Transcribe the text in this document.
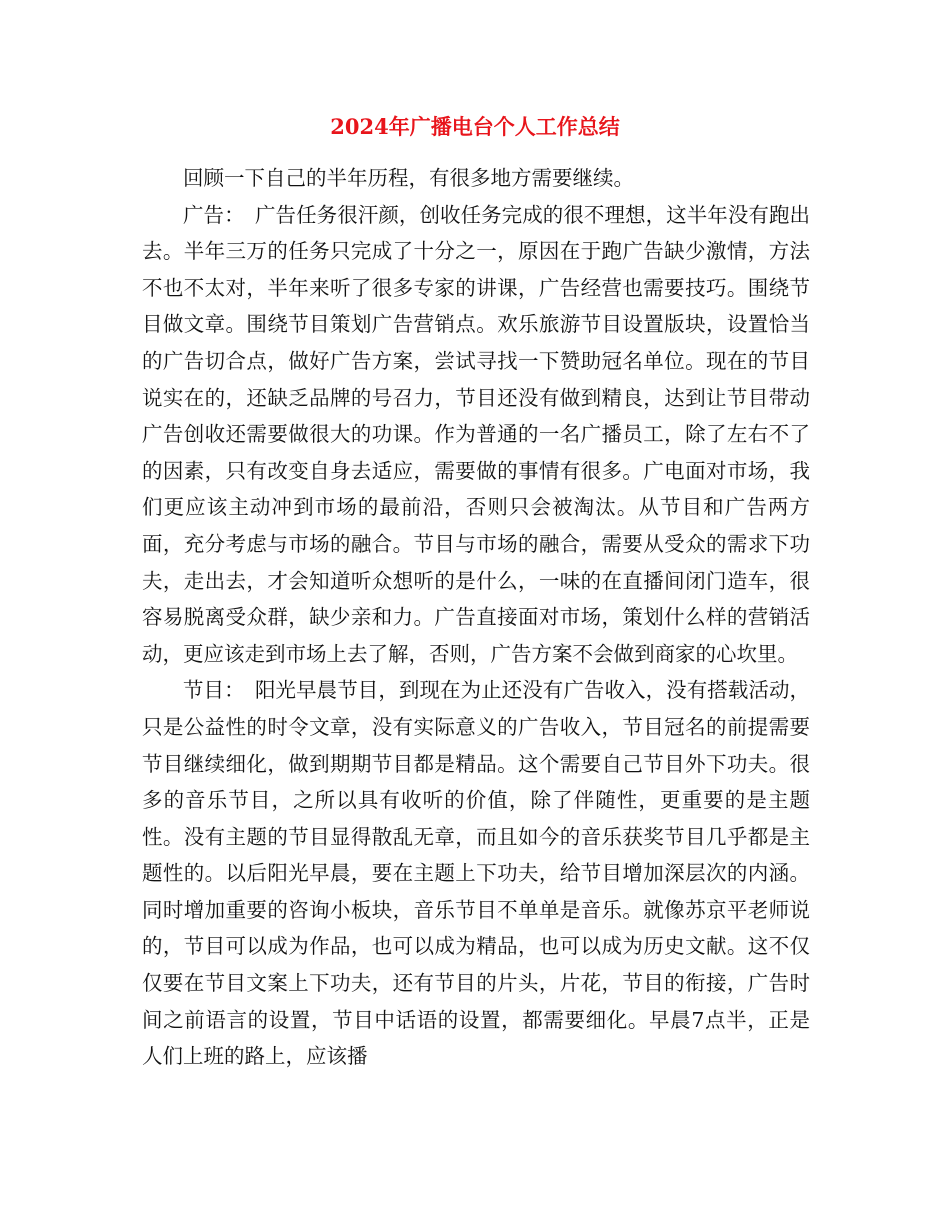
2024年广播电台个人工作总结

回顾一下自己的半年历程，有很多地方需要继续。

广告：　广告任务很汗颜，创收任务完成的很不理想，这半年没有跑出去。半年三万的任务只完成了十分之一，原因在于跑广告缺少激情，方法不也不太对，半年来听了很多专家的讲课，广告经营也需要技巧。围绕节目做文章。围绕节目策划广告营销点。欢乐旅游节目设置版块，设置恰当的广告切合点，做好广告方案，尝试寻找一下赞助冠名单位。现在的节目说实在的，还缺乏品牌的号召力，节目还没有做到精良，达到让节目带动广告创收还需要做很大的功课。作为普通的一名广播员工，除了左右不了的因素，只有改变自身去适应，需要做的事情有很多。广电面对市场，我们更应该主动冲到市场的最前沿，否则只会被淘汰。从节目和广告两方面，充分考虑与市场的融合。节目与市场的融合，需要从受众的需求下功夫，走出去，才会知道听众想听的是什么，一味的在直播间闭门造车，很容易脱离受众群，缺少亲和力。广告直接面对市场，策划什么样的营销活动，更应该走到市场上去了解，否则，广告方案不会做到商家的心坎里。

节目：　阳光早晨节目，到现在为止还没有广告收入，没有搭载活动，只是公益性的时令文章，没有实际意义的广告收入，节目冠名的前提需要节目继续细化，做到期期节目都是精品。这个需要自己节目外下功夫。很多的音乐节目，之所以具有收听的价值，除了伴随性，更重要的是主题性。没有主题的节目显得散乱无章，而且如今的音乐获奖节目几乎都是主题性的。以后阳光早晨，要在主题上下功夫，给节目增加深层次的内涵。同时增加重要的咨询小板块，音乐节目不单单是音乐。就像苏京平老师说的，节目可以成为作品，也可以成为精品，也可以成为历史文献。这不仅仅要在节目文案上下功夫，还有节目的片头，片花，节目的衔接，广告时间之前语言的设置，节目中话语的设置，都需要细化。早晨7点半，正是人们上班的路上，应该播
